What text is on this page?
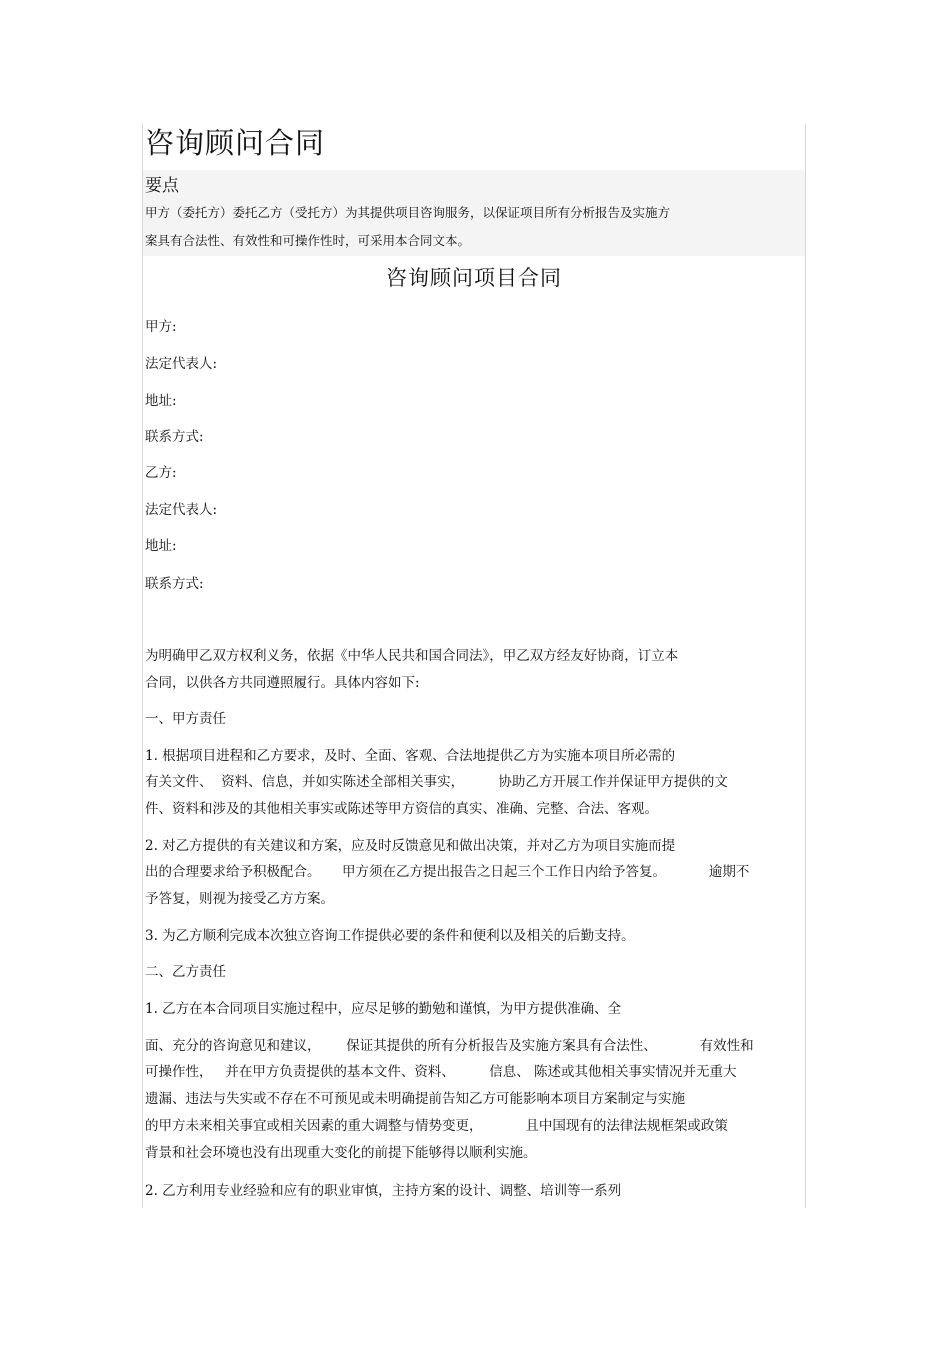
咨询顾问合同
要点
甲方（委托方）委托乙方（受托方）为其提供项目咨询服务，以保证项目所有分析报告及实施方
案具有合法性、有效性和可操作性时，可采用本合同文本。
咨询顾问项目合同
甲方:
法定代表人:
地址:
联系方式:
乙方:
法定代表人:
地址:
联系方式:
为明确甲乙双方权利义务，依据《中华人民共和国合同法》，甲乙双方经友好协商，订立本
合同，以供各方共同遵照履行。具体内容如下:
一、甲方责任
1. 根据项目进程和乙方要求，及时、全面、客观、合法地提供乙方为实施本项目所必需的
有关文件、  资料、信息，并如实陈述全部相关事实，        协助乙方开展工作并保证甲方提供的文
件、资料和涉及的其他相关事实或陈述等甲方资信的真实、准确、完整、合法、客观。
2. 对乙方提供的有关建议和方案，应及时反馈意见和做出决策，并对乙方为项目实施而提
出的合理要求给予积极配合。     甲方须在乙方提出报告之日起三个工作日内给予答复。          逾期不
予答复，则视为接受乙方方案。
3. 为乙方顺利完成本次独立咨询工作提供必要的条件和便利以及相关的后勤支持。
二、乙方责任
1. 乙方在本合同项目实施过程中，应尽足够的勤勉和谨慎，为甲方提供准确、全
面、充分的咨询意见和建议，      保证其提供的所有分析报告及实施方案具有合法性、          有效性和
可操作性，   并在甲方负责提供的基本文件、资料、        信息、 陈述或其他相关事实情况并无重大
遗漏、违法与失实或不存在不可预见或未明确提前告知乙方可能影响本项目方案制定与实施
的甲方未来相关事宜或相关因素的重大调整与情势变更，          且中国现有的法律法规框架或政策
背景和社会环境也没有出现重大变化的前提下能够得以顺利实施。
2. 乙方利用专业经验和应有的职业审慎，主持方案的设计、调整、培训等一系列
